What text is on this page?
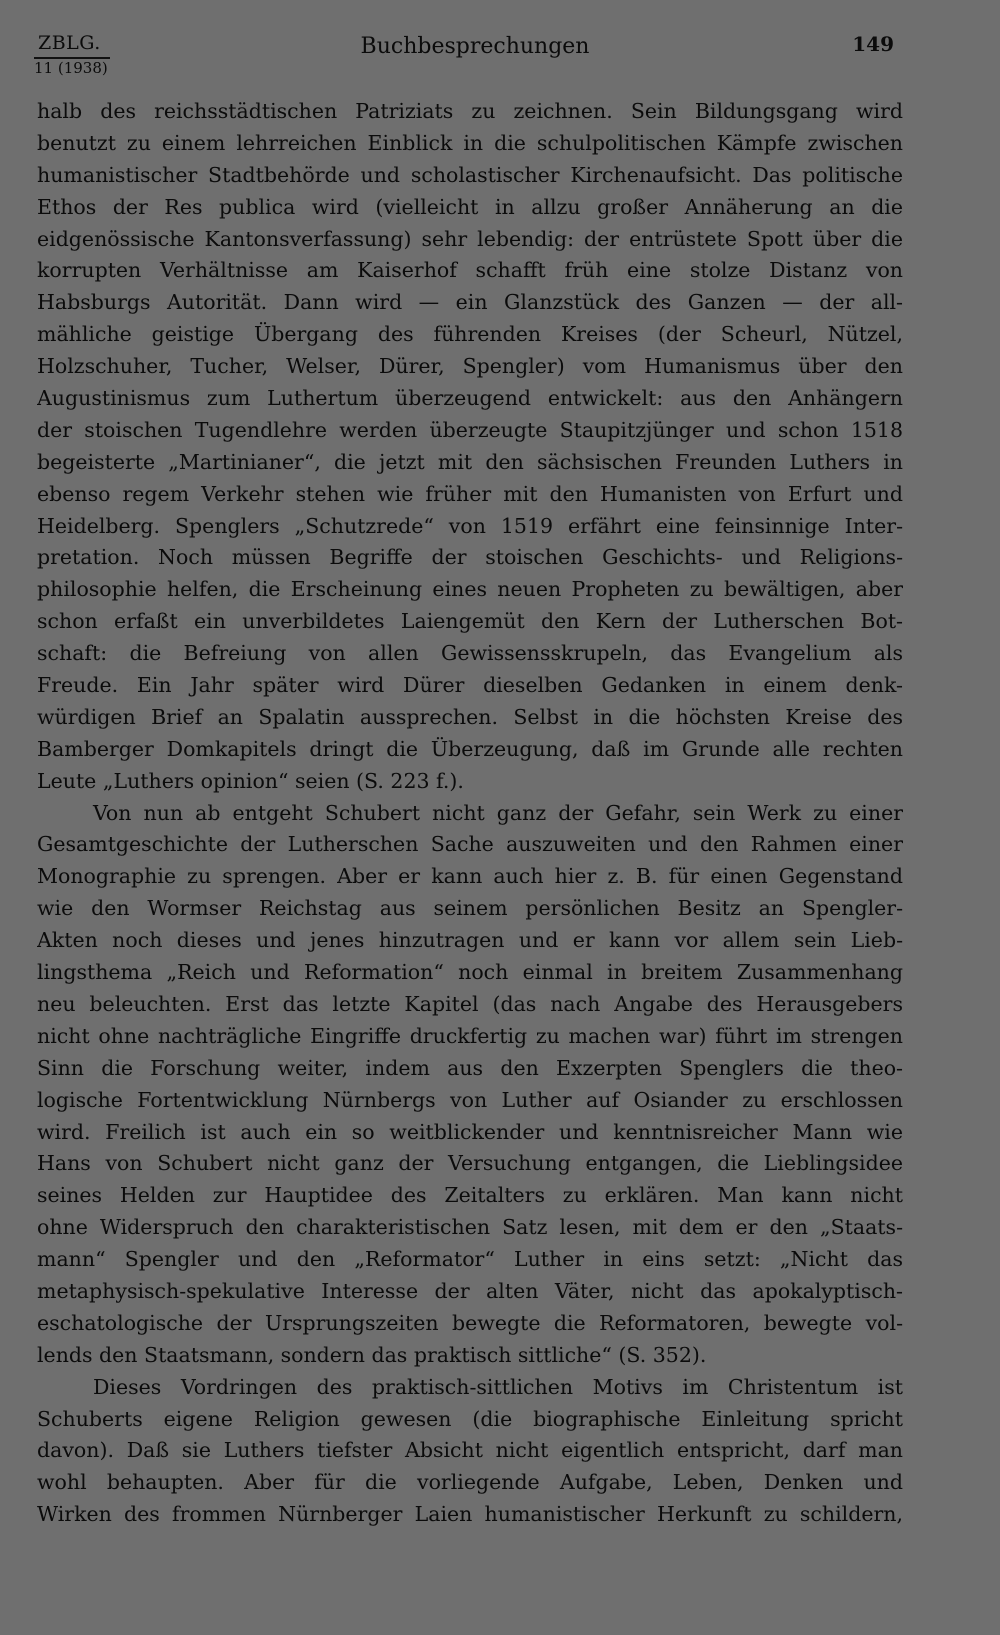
ZBLG.
11 (1938)
Buchbesprechungen	149
halb des reichsstädtischen Patriziats zu zeichnen. Sein Bildungsgang wird
benutzt zu einem lehrreichen Einblick in die schulpolitischen Kämpfe zwischen
humanistischer Stadtbehörde und scholastischer Kirchenaufsicht. Das politische
Ethos der Res publica wird (vielleicht in allzu großer Annäherung an die
eidgenössische Kantonsverfassung) sehr lebendig: der entrüstete Spott über die
korrupten Verhältnisse am Kaiserhof schafft früh eine stolze Distanz von
Habsburgs Autorität. Dann wird — ein Glanzstück des Ganzen — der all-
mähliche geistige Übergang des führenden Kreises (der Scheurl, Nützel,
Holzschuher, Tucher, Welser, Dürer, Spengler) vom Humanismus über den
Augustinismus zum Luthertum überzeugend entwickelt: aus den Anhängern
der stoischen Tugendlehre werden überzeugte Staupitzjünger und schon 1518
begeisterte „Martinianer“, die jetzt mit den sächsischen Freunden Luthers in
ebenso regem Verkehr stehen wie früher mit den Humanisten von Erfurt und
Heidelberg. Spenglers „Schutzrede“ von 1519 erfährt eine feinsinnige Inter-
pretation. Noch müssen Begriffe der stoischen Geschichts- und Religions-
philosophie helfen, die Erscheinung eines neuen Propheten zu bewältigen, aber
schon erfaßt ein unverbildetes Laiengemüt den Kern der Lutherschen Bot-
schaft: die Befreiung von allen Gewissensskrupeln, das Evangelium als
Freude. Ein Jahr später wird Dürer dieselben Gedanken in einem denk-
würdigen Brief an Spalatin aussprechen. Selbst in die höchsten Kreise des
Bamberger Domkapitels dringt die Überzeugung, daß im Grunde alle rechten
Leute „Luthers opinion“ seien (S. 223 f.).
Von nun ab entgeht Schubert nicht ganz der Gefahr, sein Werk zu einer
Gesamtgeschichte der Lutherschen Sache auszuweiten und den Rahmen einer
Monographie zu sprengen. Aber er kann auch hier z. B. für einen Gegenstand
wie den Wormser Reichstag aus seinem persönlichen Besitz an Spengler-
Akten noch dieses und jenes hinzutragen und er kann vor allem sein Lieb-
lingsthema „Reich und Reformation“ noch einmal in breitem Zusammenhang
neu beleuchten. Erst das letzte Kapitel (das nach Angabe des Herausgebers
nicht ohne nachträgliche Eingriffe druckfertig zu machen war) führt im strengen
Sinn die Forschung weiter, indem aus den Exzerpten Spenglers die theo-
logische Fortentwicklung Nürnbergs von Luther auf Osiander zu erschlossen
wird. Freilich ist auch ein so weitblickender und kenntnisreicher Mann wie
Hans von Schubert nicht ganz der Versuchung entgangen, die Lieblingsidee
seines Helden zur Hauptidee des Zeitalters zu erklären. Man kann nicht
ohne Widerspruch den charakteristischen Satz lesen, mit dem er den „Staats-
mann“ Spengler und den „Reformator“ Luther in eins setzt: „Nicht das
metaphysisch-spekulative Interesse der alten Väter, nicht das apokalyptisch-
eschatologische der Ursprungszeiten bewegte die Reformatoren, bewegte vol-
lends den Staatsmann, sondern das praktisch sittliche“ (S. 352).
Dieses Vordringen des praktisch-sittlichen Motivs im Christentum ist
Schuberts eigene Religion gewesen (die biographische Einleitung spricht
davon). Daß sie Luthers tiefster Absicht nicht eigentlich entspricht, darf man
wohl behaupten. Aber für die vorliegende Aufgabe, Leben, Denken und
Wirken des frommen Nürnberger Laien humanistischer Herkunft zu schildern,
